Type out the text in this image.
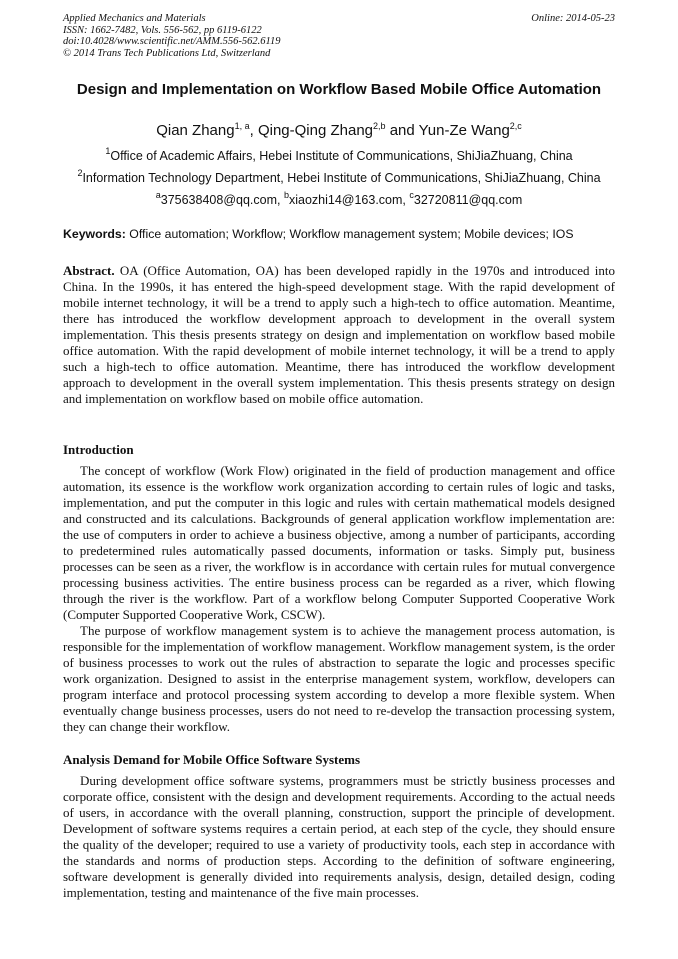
Applied Mechanics and Materials
ISSN: 1662-7482, Vols. 556-562, pp 6119-6122
doi:10.4028/www.scientific.net/AMM.556-562.6119
© 2014 Trans Tech Publications Ltd, Switzerland
Online: 2014-05-23
Design and Implementation on Workflow Based Mobile Office Automation
Qian Zhang$^{1, a}$, Qing-Qing Zhang$^{2,b}$ and Yun-Ze Wang$^{2,c}$
$^1$Office of Academic Affairs, Hebei Institute of Communications, ShiJiaZhuang, China
$^2$Information Technology Department, Hebei Institute of Communications, ShiJiaZhuang, China
$^a$375638408@qq.com, $^b$xiaozhi14@163.com, $^c$32720811@qq.com
Keywords: Office automation; Workflow; Workflow management system; Mobile devices; IOS

Abstract. OA (Office Automation, OA) has been developed rapidly in the 1970s and introduced into China. In the 1990s, it has entered the high-speed development stage. With the rapid development of mobile internet technology, it will be a trend to apply such a high-tech to office automation. Meantime, there has introduced the workflow development approach to development in the overall system implementation. This thesis presents strategy on design and implementation on workflow based mobile office automation. With the rapid development of mobile internet technology, it will be a trend to apply such a high-tech to office automation. Meantime, there has introduced the workflow development approach to development in the overall system implementation. This thesis presents strategy on design and implementation on workflow based on mobile office automation.

Introduction

The concept of workflow (Work Flow) originated in the field of production management and office automation, its essence is the workflow work organization according to certain rules of logic and tasks, implementation, and put the computer in this logic and rules with certain mathematical models designed and constructed and its calculations. Backgrounds of general application workflow implementation are: the use of computers in order to achieve a business objective, among a number of participants, according to predetermined rules automatically passed documents, information or tasks. Simply put, business processes can be seen as a river, the workflow is in accordance with certain rules for mutual convergence processing business activities. The entire business process can be regarded as a river, which flowing through the river is the workflow. Part of a workflow belong Computer Supported Cooperative Work (Computer Supported Cooperative Work, CSCW).

The purpose of workflow management system is to achieve the management process automation, is responsible for the implementation of workflow management. Workflow management system, is the order of business processes to work out the rules of abstraction to separate the logic and processes specific work organization. Designed to assist in the enterprise management system, workflow, developers can program interface and protocol processing system according to develop a more flexible system. When eventually change business processes, users do not need to re-develop the transaction processing system, they can change their workflow.

Analysis Demand for Mobile Office Software Systems

During development office software systems, programmers must be strictly business processes and corporate office, consistent with the design and development requirements. According to the actual needs of users, in accordance with the overall planning, construction, support the principle of development. Development of software systems requires a certain period, at each step of the cycle, they should ensure the quality of the developer; required to use a variety of productivity tools, each step in accordance with the standards and norms of production steps. According to the definition of software engineering, software development is generally divided into requirements analysis, design, detailed design, coding implementation, testing and maintenance of the five main processes.
